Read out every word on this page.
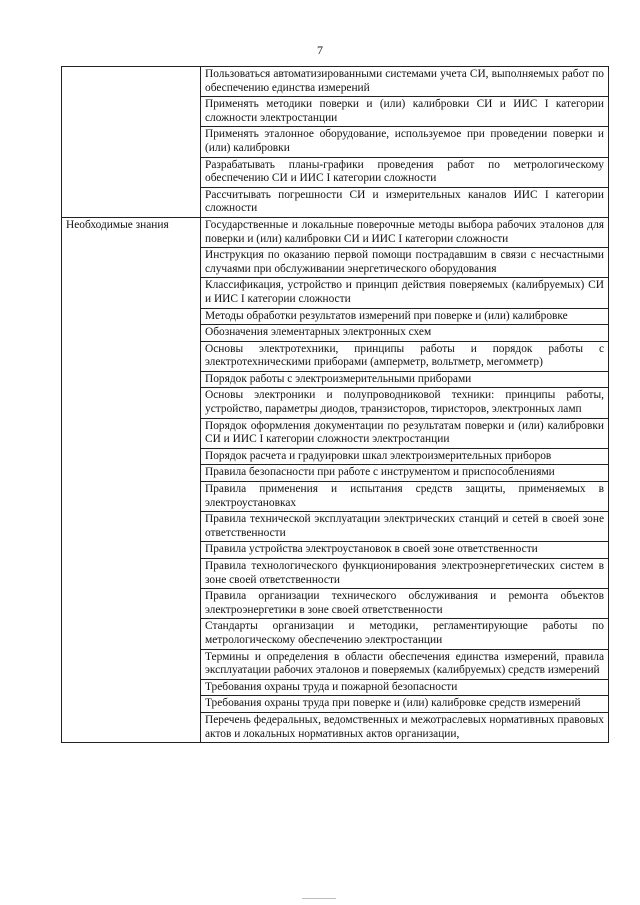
7
	Пользоваться автоматизированными системами учета СИ, выполняемых работ по обеспечению единства измерений
	Применять методики поверки и (или) калибровки СИ и ИИС I категории сложности электростанции
	Применять эталонное оборудование, используемое при проведении поверки и (или) калибровки
	Разрабатывать планы-графики проведения работ по метрологическому обеспечению СИ и ИИС I категории сложности
	Рассчитывать погрешности СИ и измерительных каналов ИИС I категории сложности
Необходимые знания	Государственные и локальные поверочные методы выбора рабочих эталонов для поверки и (или) калибровки СИ и ИИС I категории сложности
	Инструкция по оказанию первой помощи пострадавшим в связи с несчастными случаями при обслуживании энергетического оборудования
	Классификация, устройство и принцип действия поверяемых (калибруемых) СИ и ИИС I категории сложности
	Методы обработки результатов измерений при поверке и (или) калибровке
	Обозначения элементарных электронных схем
	Основы электротехники, принципы работы и порядок работы с электротехническими приборами (амперметр, вольтметр, мегомметр)
	Порядок работы с электроизмерительными приборами
	Основы электроники и полупроводниковой техники: принципы работы, устройство, параметры диодов, транзисторов, тиристоров, электронных ламп
	Порядок оформления документации по результатам поверки и (или) калибровки СИ и ИИС I категории сложности электростанции
	Порядок расчета и градуировки шкал электроизмерительных приборов
	Правила безопасности при работе с инструментом и приспособлениями
	Правила применения и испытания средств защиты, применяемых в электроустановках
	Правила технической эксплуатации электрических станций и сетей в своей зоне ответственности
	Правила устройства электроустановок в своей зоне ответственности
	Правила технологического функционирования электроэнергетических систем в зоне своей ответственности
	Правила организации технического обслуживания и ремонта объектов электроэнергетики в зоне своей ответственности
	Стандарты организации и методики, регламентирующие работы по метрологическому обеспечению электростанции
	Термины и определения в области обеспечения единства измерений, правила эксплуатации рабочих эталонов и поверяемых (калибруемых) средств измерений
	Требования охраны труда и пожарной безопасности
	Требования охраны труда при поверке и (или) калибровке средств измерений
	Перечень федеральных, ведомственных и межотраслевых нормативных правовых актов и локальных нормативных актов организации,
